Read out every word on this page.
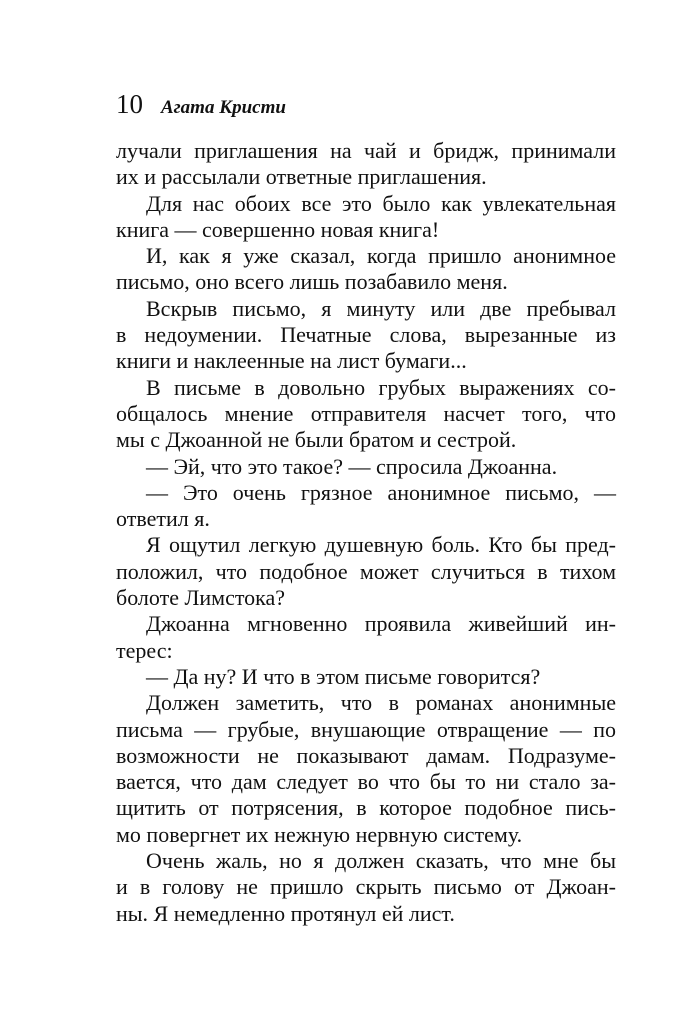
10 Агата Кристи
лучали приглашения на чай и бридж, принимали
их и рассылали ответные приглашения.
Для нас обоих все это было как увлекательная
книга — совершенно новая книга!
И, как я уже сказал, когда пришло анонимное
письмо, оно всего лишь позабавило меня.
Вскрыв письмо, я минуту или две пребывал
в недоумении. Печатные слова, вырезанные из
книги и наклеенные на лист бумаги...
В письме в довольно грубых выражениях со-
общалось мнение отправителя насчет того, что
мы с Джоанной не были братом и сестрой.
— Эй, что это такое? — спросила Джоанна.
— Это очень грязное анонимное письмо, —
ответил я.
Я ощутил легкую душевную боль. Кто бы пред-
положил, что подобное может случиться в тихом
болоте Лимстока?
Джоанна мгновенно проявила живейший ин-
терес:
— Да ну? И что в этом письме говорится?
Должен заметить, что в романах анонимные
письма — грубые, внушающие отвращение — по
возможности не показывают дамам. Подразуме-
вается, что дам следует во что бы то ни стало за-
щитить от потрясения, в которое подобное пись-
мо повергнет их нежную нервную систему.
Очень жаль, но я должен сказать, что мне бы
и в голову не пришло скрыть письмо от Джоан-
ны. Я немедленно протянул ей лист.
